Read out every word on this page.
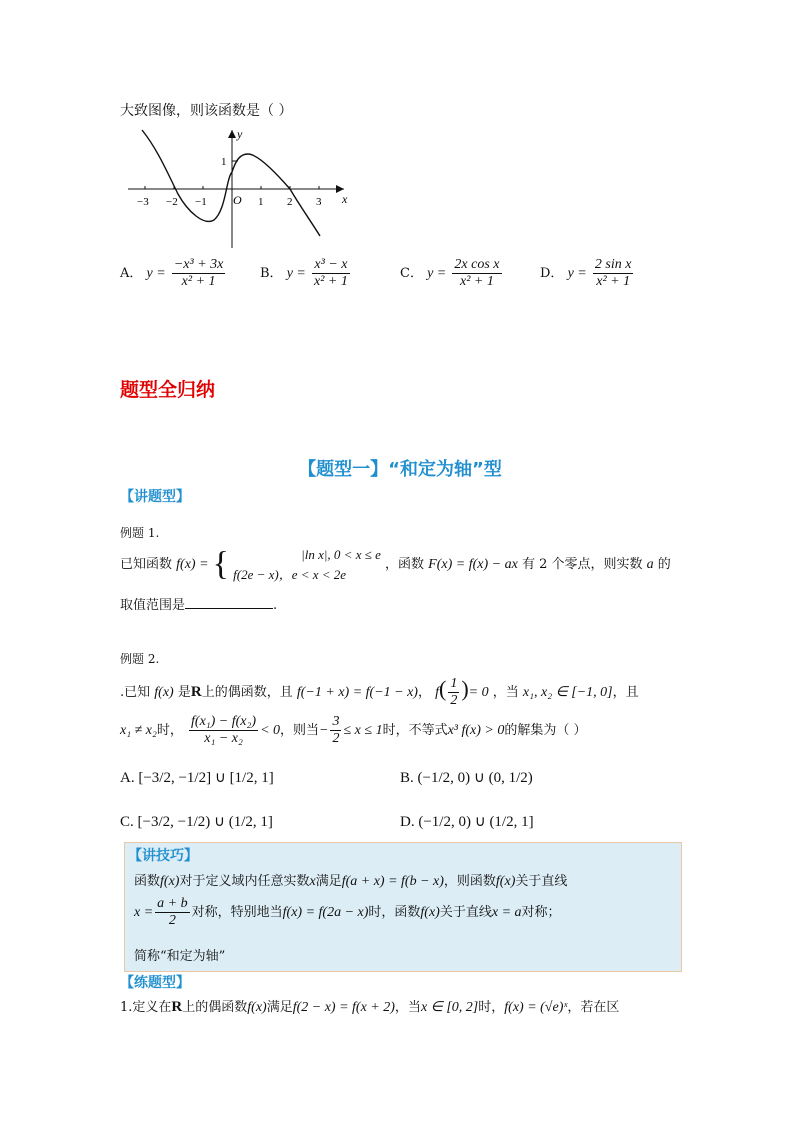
大致图像，则该函数是（ ）
y
x
O
1
−3 −2 −1	1 2 3
A． $y = \frac{\text{−x³ + 3x}}{\text{x² + 1}}$	B． $y = \frac{\text{x³ − x}}{\text{x² + 1}}$	C． $y = \frac{\text{2x cos x}}{\text{x² + 1}}$	D． $y = \frac{\text{2 sin x}}{\text{x² + 1}}$
题型全归纳
【题型一】“和定为轴”型
【讲题型】
例题 1.
已知函数 f(x) = {	|ln x|, 0 < x ≤ e
f(2e − x)，e < x < 2e
，函数 F(x) = f(x) − ax 有 2 个零点，则实数 a 的
取值范围是	.
例题 2.
.已知 f(x) 是R上的偶函数，且 f(−1 + x) = f(−1 − x)， $f( \frac{1}{2}$ )= 0 ，当 x₁, x₂ ∈ [−1, 0]，且
x₁ ≠ x₂时， $\frac{\text{f(x₁) − f(x₂)}}{\text{x₁ − x₂}} < 0$，则当− $\frac{3}{2} \le x \le 1$时，不等式x³ f(x) > 0的解集为（ ）
A. [−3/2, −1/2] ∪ [1/2, 1]	B. (−1/2, 0) ∪ (0, 1/2)
C. [−3/2, −1/2) ∪ (1/2, 1]	D. (−1/2, 0) ∪ (1/2, 1]
【讲技巧】
函数f(x)对于定义域内任意实数x满足f(a + x) = f(b − x)，则函数f(x)关于直线
$x = \frac{a + b}{2}$ 对称，特别地当f(x) = f(2a − x)时，函数f(x)关于直线x = a对称；
简称“和定为轴”
【练题型】
1.定义在R上的偶函数f(x)满足f(2 − x) = f(x + 2)，当x ∈ [0, 2]时，f(x) = (√e)ˣ，若在区
